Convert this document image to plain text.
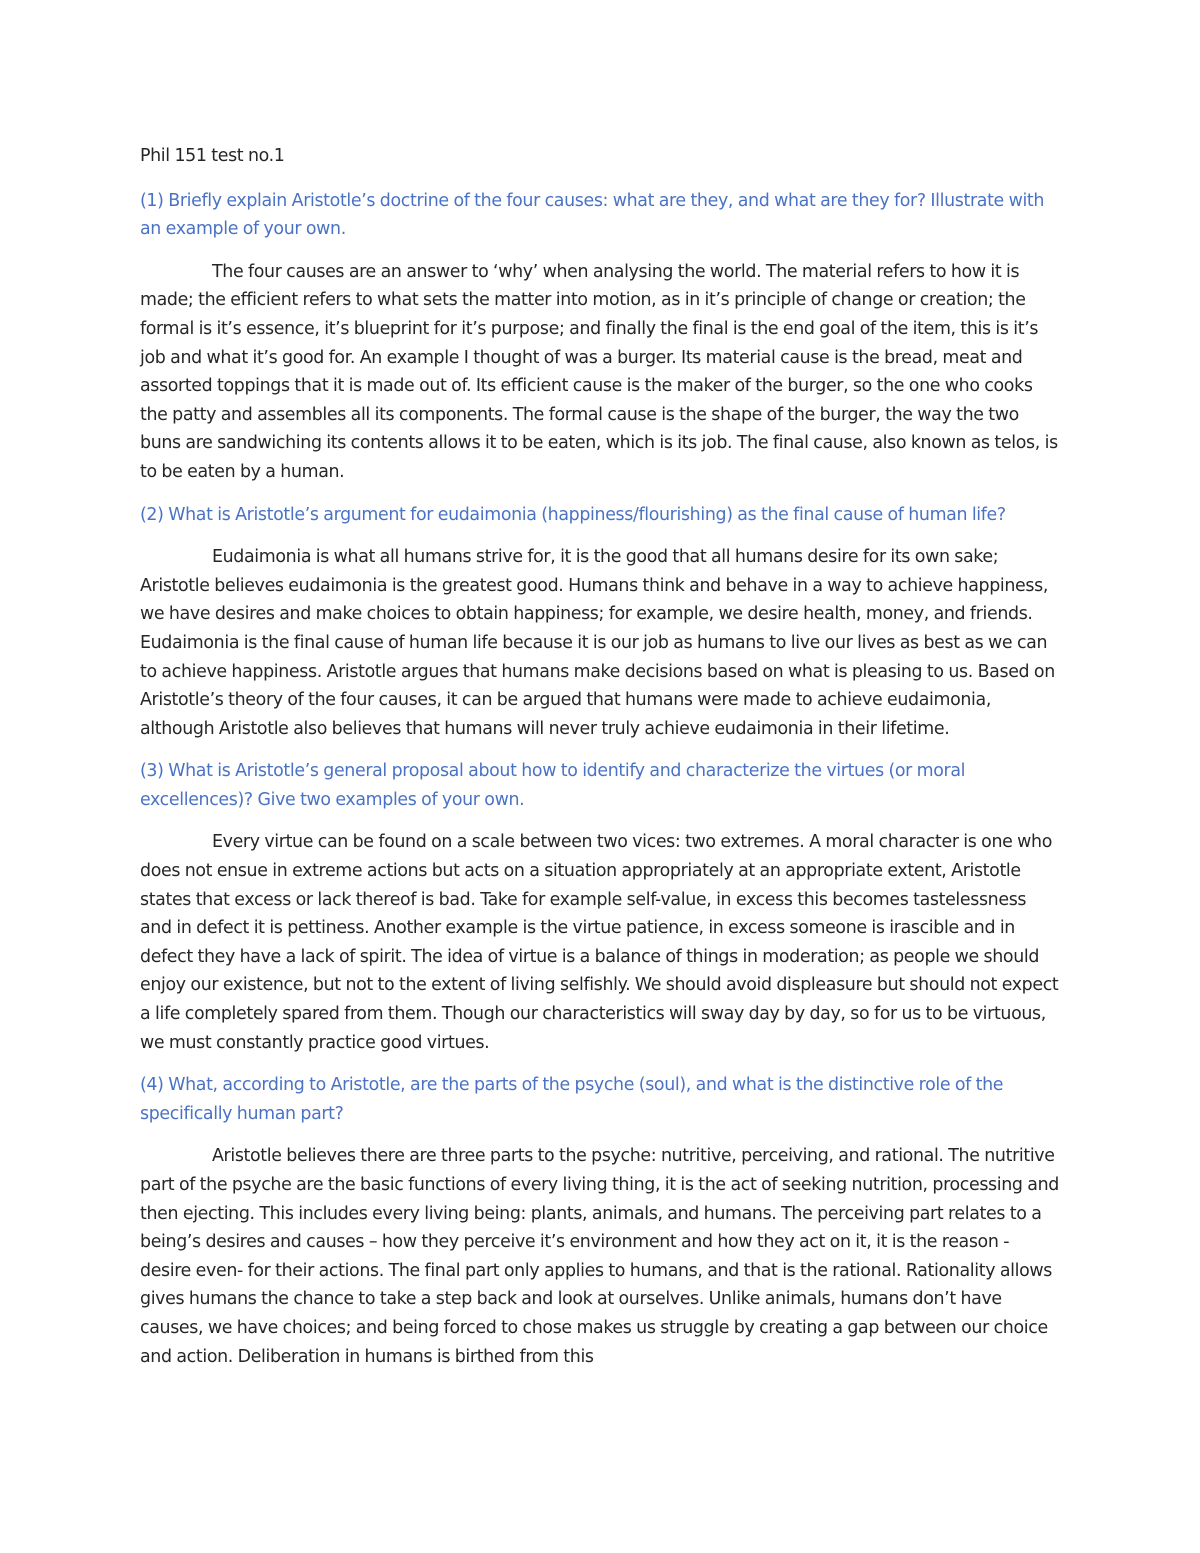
Phil 151 test no.1

(1) Briefly explain Aristotle’s doctrine of the four causes: what are they, and what are they for? Illustrate with an example of your own.

The four causes are an answer to ‘why’ when analysing the world. The material refers to how it is made; the efficient refers to what sets the matter into motion, as in it’s principle of change or creation; the formal is it’s essence, it’s blueprint for it’s purpose; and finally the final is the end goal of the item, this is it’s job and what it’s good for. An example I thought of was a burger. Its material cause is the bread, meat and assorted toppings that it is made out of. Its efficient cause is the maker of the burger, so the one who cooks the patty and assembles all its components. The formal cause is the shape of the burger, the way the two buns are sandwiching its contents allows it to be eaten, which is its job. The final cause, also known as telos, is to be eaten by a human.

(2) What is Aristotle’s argument for eudaimonia (happiness/flourishing) as the final cause of human life?

Eudaimonia is what all humans strive for, it is the good that all humans desire for its own sake; Aristotle believes eudaimonia is the greatest good. Humans think and behave in a way to achieve happiness, we have desires and make choices to obtain happiness; for example, we desire health, money, and friends. Eudaimonia is the final cause of human life because it is our job as humans to live our lives as best as we can to achieve happiness. Aristotle argues that humans make decisions based on what is pleasing to us. Based on Aristotle’s theory of the four causes, it can be argued that humans were made to achieve eudaimonia, although Aristotle also believes that humans will never truly achieve eudaimonia in their lifetime.

(3) What is Aristotle’s general proposal about how to identify and characterize the virtues (or moral excellences)? Give two examples of your own.

Every virtue can be found on a scale between two vices: two extremes. A moral character is one who does not ensue in extreme actions but acts on a situation appropriately at an appropriate extent, Aristotle states that excess or lack thereof is bad. Take for example self-value, in excess this becomes tastelessness and in defect it is pettiness. Another example is the virtue patience, in excess someone is irascible and in defect they have a lack of spirit. The idea of virtue is a balance of things in moderation; as people we should enjoy our existence, but not to the extent of living selfishly. We should avoid displeasure but should not expect a life completely spared from them. Though our characteristics will sway day by day, so for us to be virtuous, we must constantly practice good virtues.

(4) What, according to Aristotle, are the parts of the psyche (soul), and what is the distinctive role of the specifically human part?

Aristotle believes there are three parts to the psyche: nutritive, perceiving, and rational. The nutritive part of the psyche are the basic functions of every living thing, it is the act of seeking nutrition, processing and then ejecting. This includes every living being: plants, animals, and humans. The perceiving part relates to a being’s desires and causes – how they perceive it’s environment and how they act on it, it is the reason -desire even- for their actions. The final part only applies to humans, and that is the rational. Rationality allows gives humans the chance to take a step back and look at ourselves. Unlike animals, humans don’t have causes, we have choices; and being forced to chose makes us struggle by creating a gap between our choice and action. Deliberation in humans is birthed from this
